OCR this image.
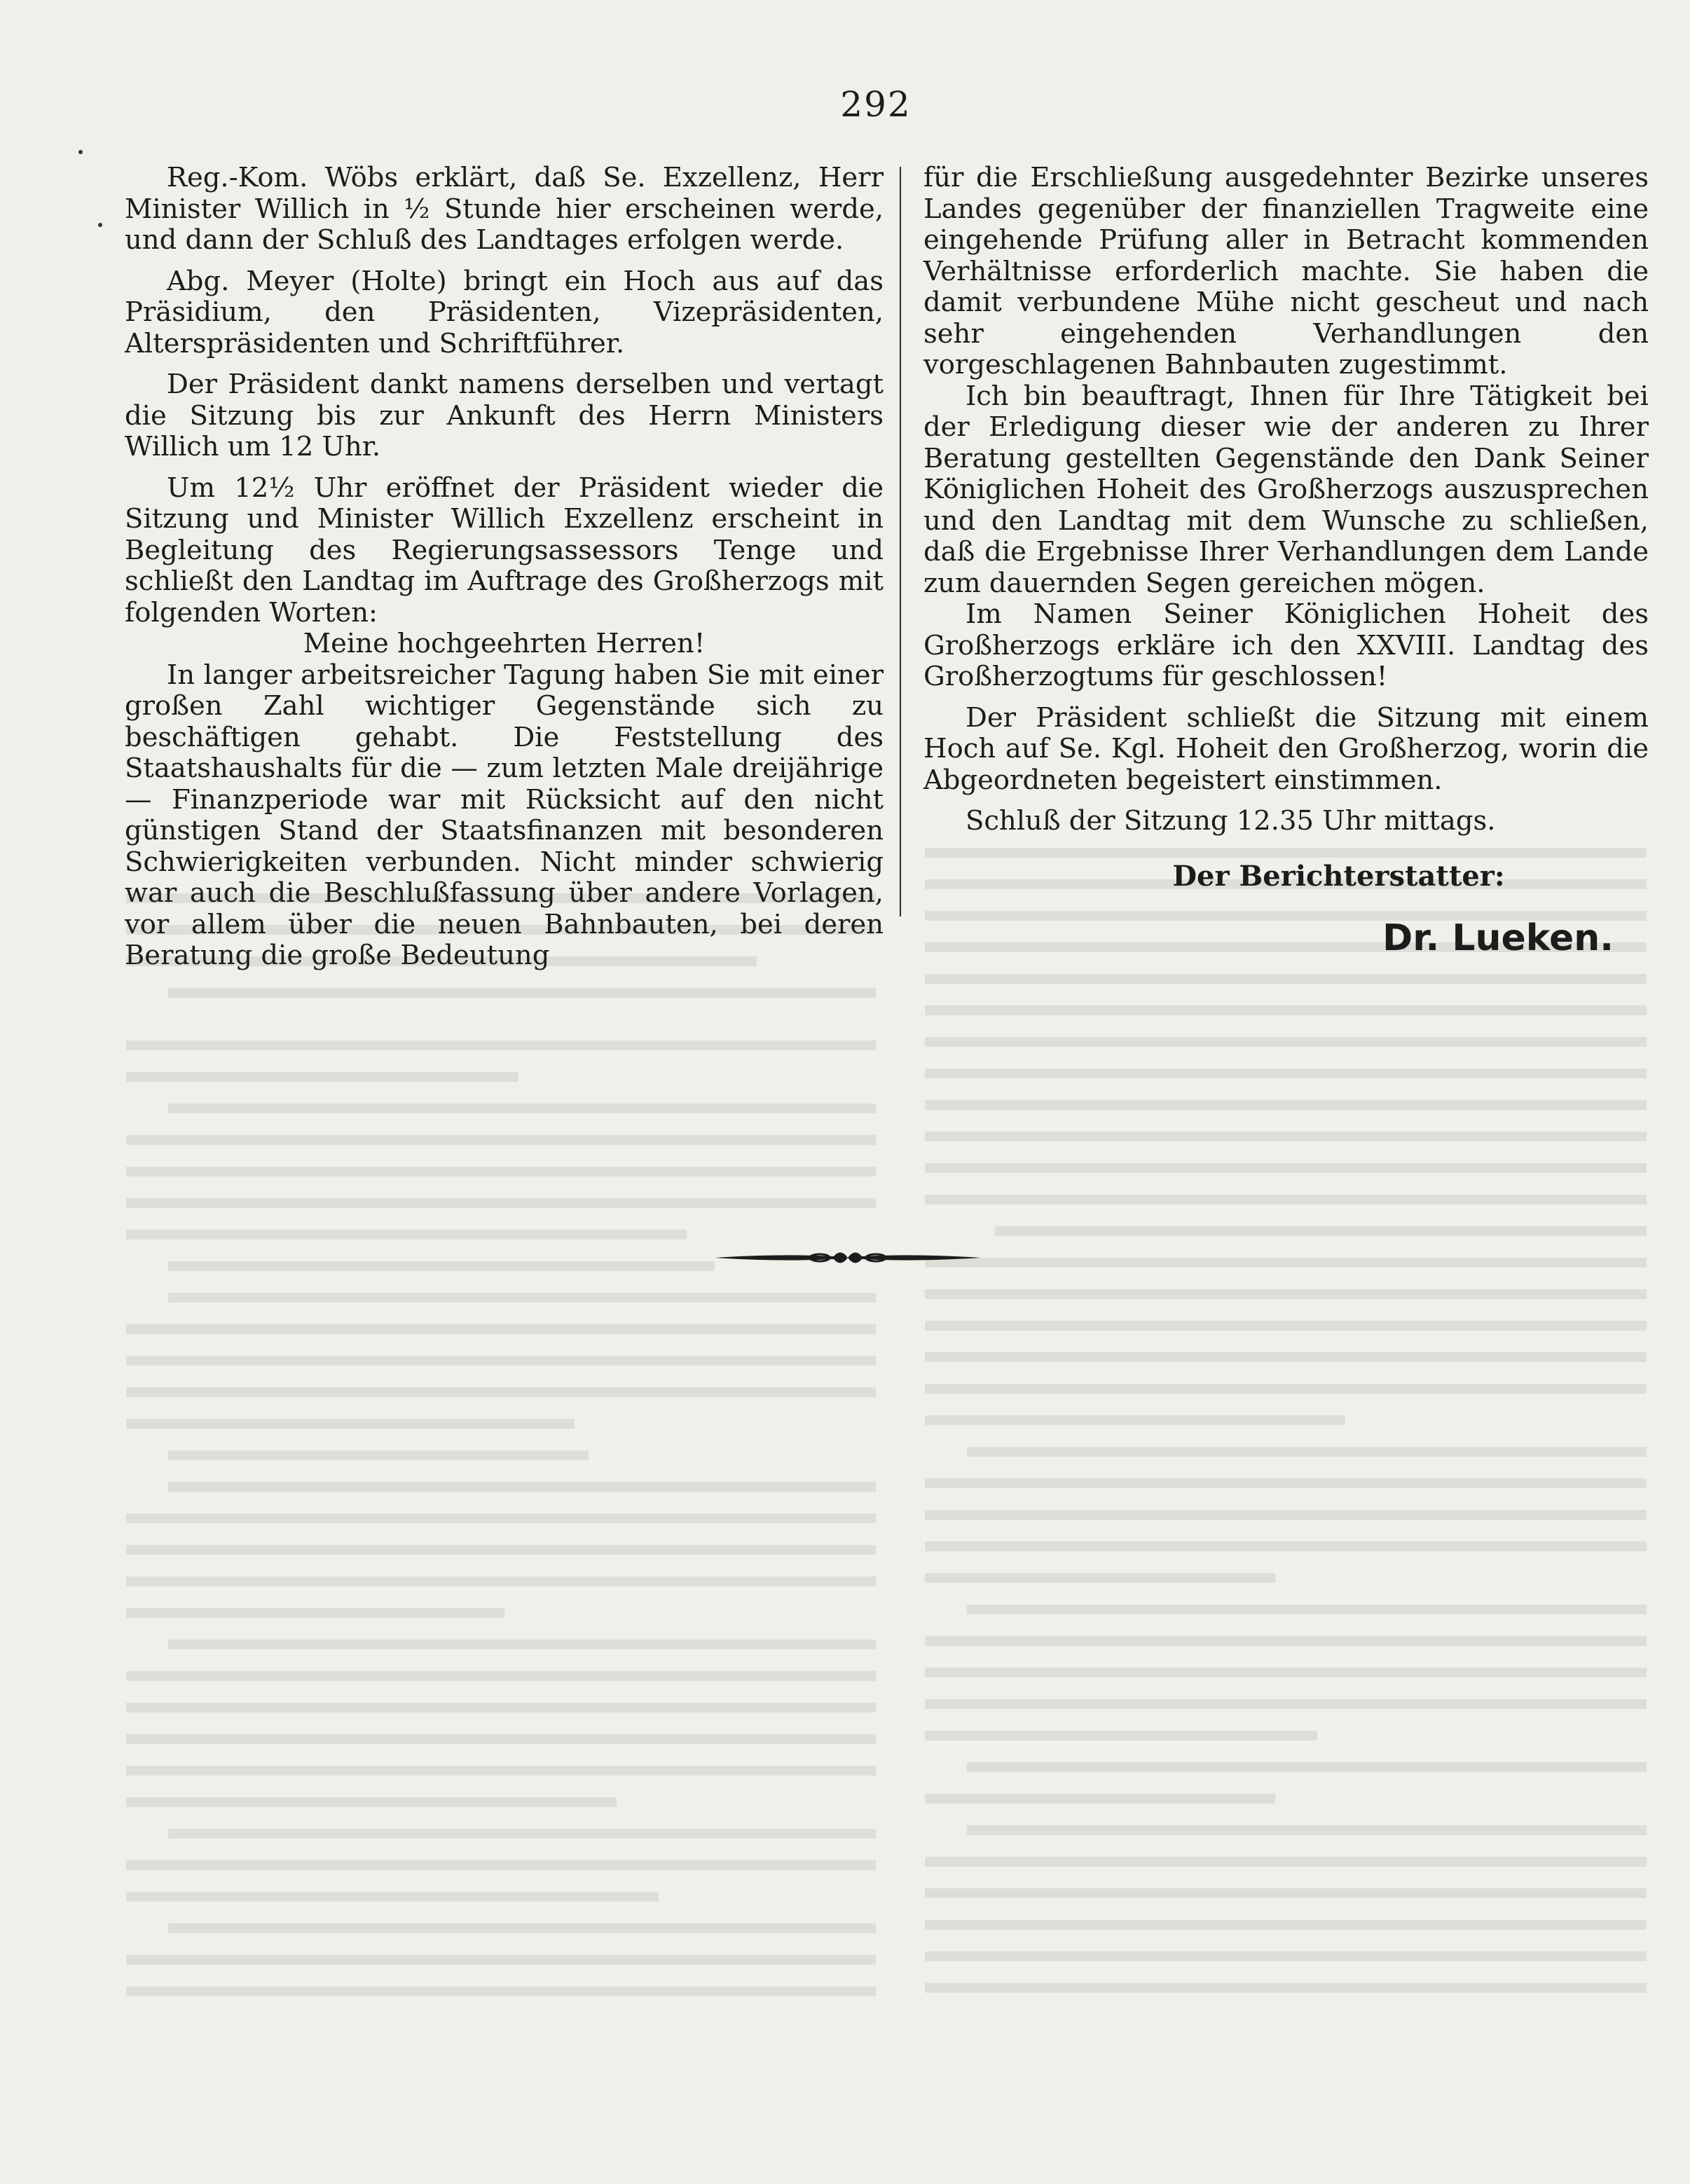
292

Reg.-Kom. Wöbs erklärt, daß Se. Exzellenz, Herr Minister Willich in ½ Stunde hier erscheinen werde, und dann der Schluß des Landtages erfolgen werde.

Abg. Meyer (Holte) bringt ein Hoch aus auf das Präsidium, den Präsidenten, Vizepräsidenten, Alterspräsidenten und Schriftführer.

Der Präsident dankt namens derselben und vertagt die Sitzung bis zur Ankunft des Herrn Ministers Willich um 12 Uhr.

Um 12½ Uhr eröffnet der Präsident wieder die Sitzung und Minister Willich Exzellenz erscheint in Begleitung des Regierungsassessors Tenge und schließt den Landtag im Auftrage des Großherzogs mit folgenden Worten:

Meine hochgeehrten Herren!

In langer arbeitsreicher Tagung haben Sie mit einer großen Zahl wichtiger Gegenstände sich zu beschäftigen gehabt. Die Feststellung des Staatshaushalts für die — zum letzten Male dreijährige — Finanzperiode war mit Rücksicht auf den nicht günstigen Stand der Staatsfinanzen mit besonderen Schwierigkeiten verbunden. Nicht minder schwierig war auch die Beschlußfassung über andere Vorlagen, vor allem über die neuen Bahnbauten, bei deren Beratung die große Bedeutung

für die Erschließung ausgedehnter Bezirke unseres Landes gegenüber der finanziellen Tragweite eine eingehende Prüfung aller in Betracht kommenden Verhältnisse erforderlich machte. Sie haben die damit verbundene Mühe nicht gescheut und nach sehr eingehenden Verhandlungen den vorgeschlagenen Bahnbauten zugestimmt.

Ich bin beauftragt, Ihnen für Ihre Tätigkeit bei der Erledigung dieser wie der anderen zu Ihrer Beratung gestellten Gegenstände den Dank Seiner Königlichen Hoheit des Großherzogs auszusprechen und den Landtag mit dem Wunsche zu schließen, daß die Ergebnisse Ihrer Verhandlungen dem Lande zum dauernden Segen gereichen mögen.

Im Namen Seiner Königlichen Hoheit des Großherzogs erkläre ich den XXVIII. Landtag des Großherzogtums für geschlossen!

Der Präsident schließt die Sitzung mit einem Hoch auf Se. Kgl. Hoheit den Großherzog, worin die Abgeordneten begeistert einstimmen.

Schluß der Sitzung 12.35 Uhr mittags.

Der Berichterstatter:
Dr. Lueken.
